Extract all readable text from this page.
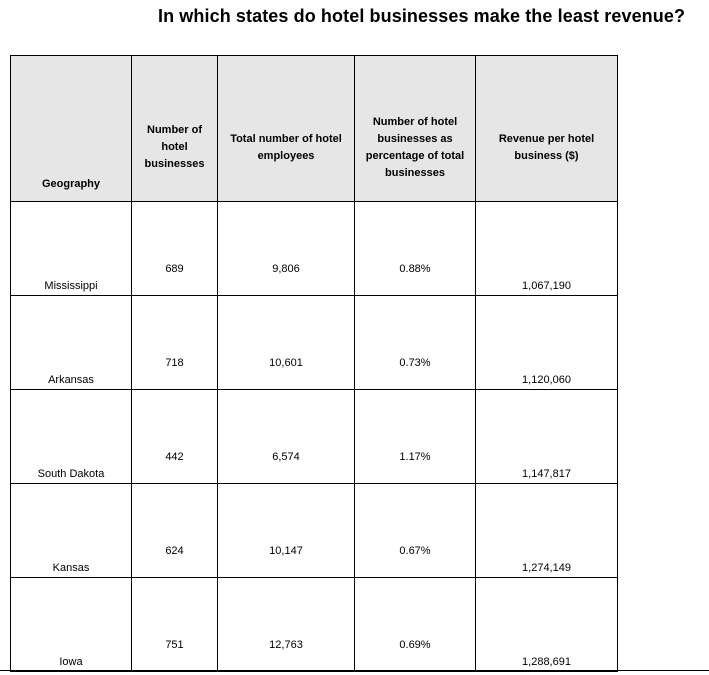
In which states do hotel businesses make the least revenue?
Geography	Number of hotel businesses	Total number of hotel employees	Number of hotel businesses as percentage of total businesses	Revenue per hotel business ($)

Mississippi	689	9,806	0.88%	1,067,190

Arkansas	718	10,601	0.73%	1,120,060

South Dakota	442	6,574	1.17%	1,147,817

Kansas	624	10,147	0.67%	1,274,149

Iowa	751	12,763	0.69%	1,288,691
